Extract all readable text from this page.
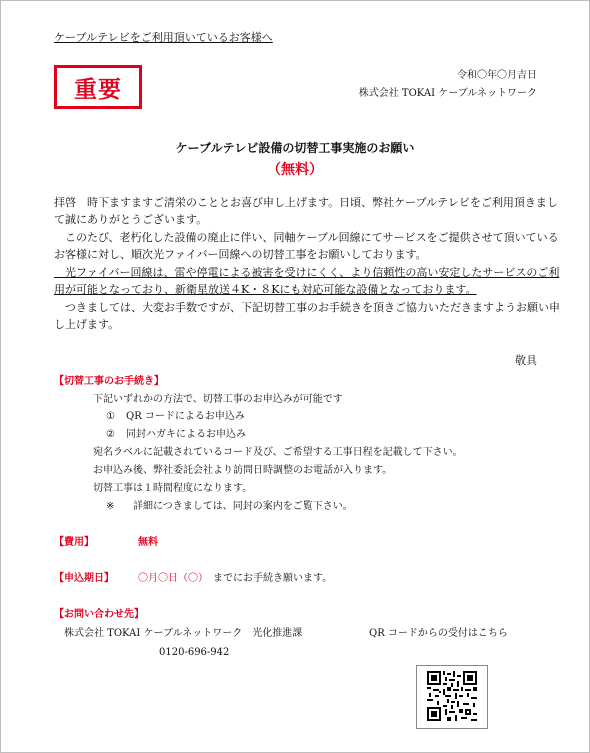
ケーブルテレビをご利用頂いているお客様へ
重要	令和〇年〇月吉日
株式会社 TOKAI ケーブルネットワーク
ケーブルテレビ設備の切替工事実施のお願い
（無料）
拝啓　時下ますますご清栄のこととお喜び申し上げます。日頃、弊社ケーブルテレビをご利用頂きまし
て誠にありがとうございます。
　このたび、老朽化した設備の廃止に伴い、同軸ケーブル回線にてサービスをご提供させて頂いている
お客様に対し、順次光ファイバー回線への切替工事をお願いしております。
　光ファイバー回線は、雷や停電による被害を受けにくく、より信頼性の高い安定したサービスのご利
用が可能となっており、新衛星放送４K・８Kにも対応可能な設備となっております。
　つきましては、大変お手数ですが、下記切替工事のお手続きを頂きご協力いただきますようお願い申
し上げます。
敬具
【切替工事のお手続き】
下記いずれかの方法で、切替工事のお申込みが可能です
① QR コードによるお申込み
② 同封ハガキによるお申込み
宛名ラベルに記載されているコード及び、ご希望する工事日程を記載して下さい。
お申込み後、弊社委託会社より訪問日時調整のお電話が入ります。
切替工事は１時間程度になります。
※ 詳細につきましては、同封の案内をご覧下さい。
【費用】	無料
【申込期日】 〇月〇日（〇） までにお手続き願います。
【お問い合わせ先】
株式会社 TOKAI ケーブルネットワーク　光化推進課	QR コードからの受付はこちら
0120-696-942
